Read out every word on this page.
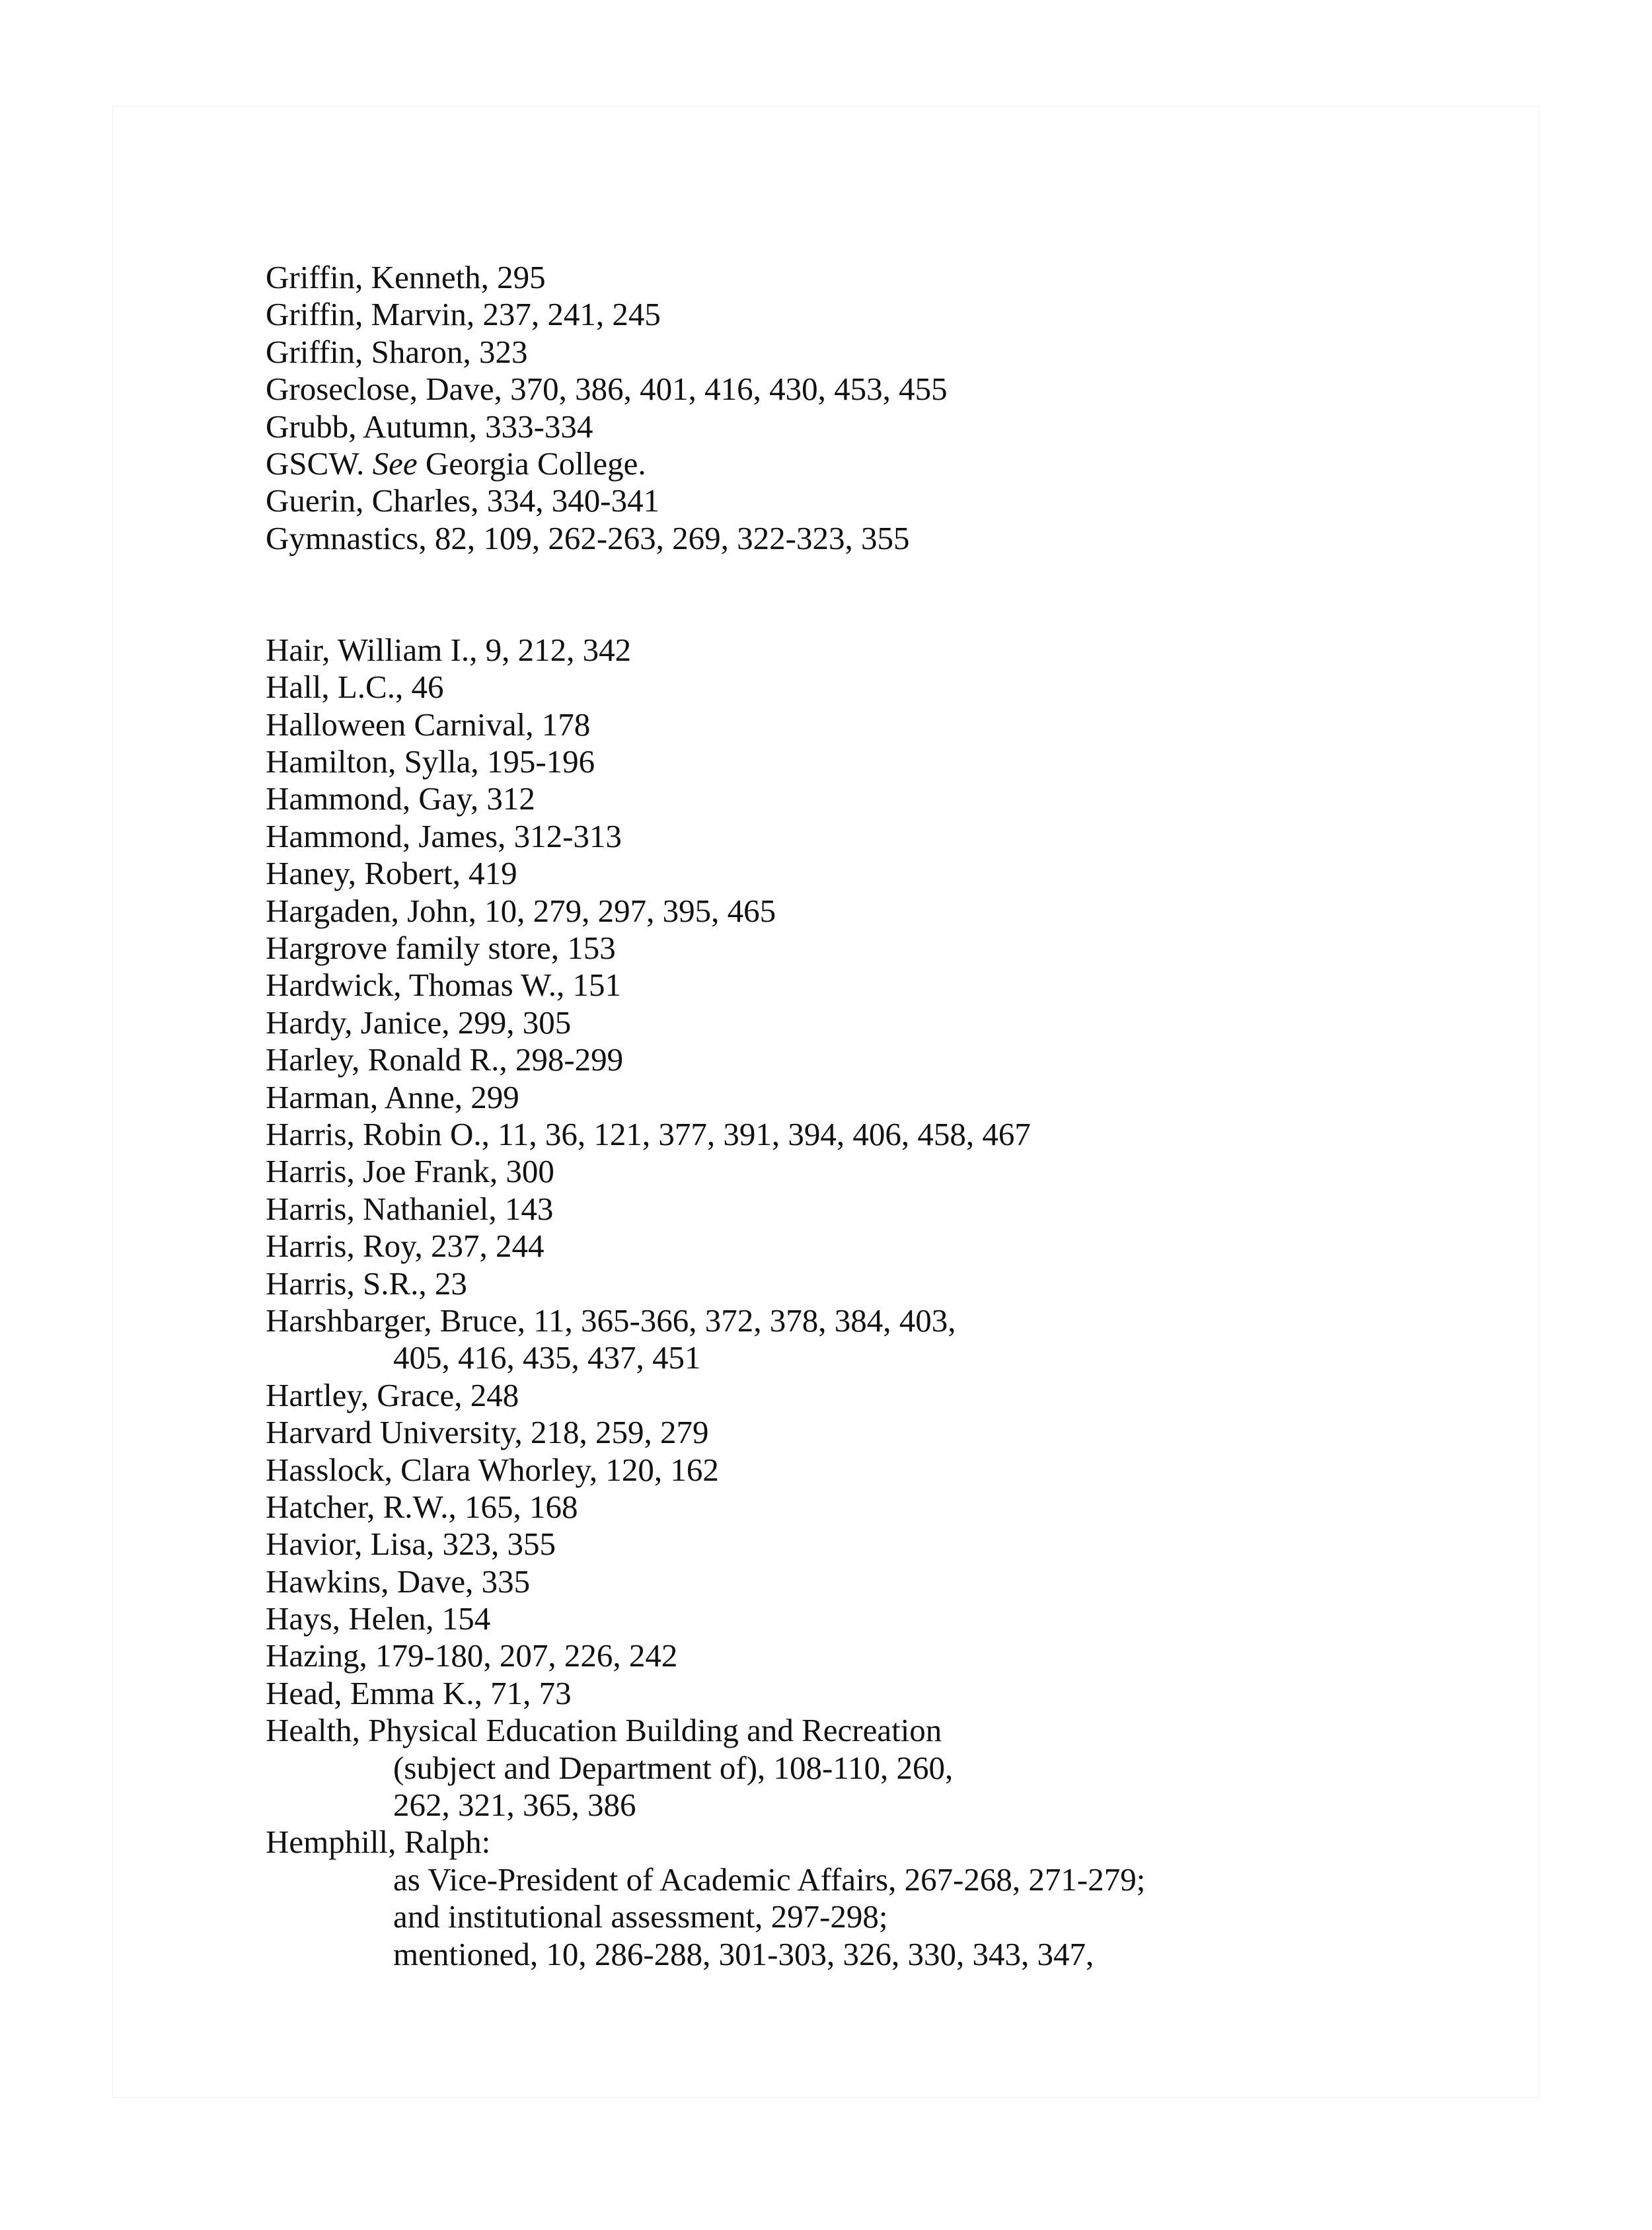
Griffin, Kenneth, 295
Griffin, Marvin, 237, 241, 245
Griffin, Sharon, 323
Groseclose, Dave, 370, 386, 401, 416, 430, 453, 455
Grubb, Autumn, 333-334
GSCW. See Georgia College.
Guerin, Charles, 334, 340-341
Gymnastics, 82, 109, 262-263, 269, 322-323, 355
Hair, William I., 9, 212, 342
Hall, L.C., 46
Halloween Carnival, 178
Hamilton, Sylla, 195-196
Hammond, Gay, 312
Hammond, James, 312-313
Haney, Robert, 419
Hargaden, John, 10, 279, 297, 395, 465
Hargrove family store, 153
Hardwick, Thomas W., 151
Hardy, Janice, 299, 305
Harley, Ronald R., 298-299
Harman, Anne, 299
Harris, Robin O., 11, 36, 121, 377, 391, 394, 406, 458, 467
Harris, Joe Frank, 300
Harris, Nathaniel, 143
Harris, Roy, 237, 244
Harris, S.R., 23
Harshbarger, Bruce, 11, 365-366, 372, 378, 384, 403,
405, 416, 435, 437, 451
Hartley, Grace, 248
Harvard University, 218, 259, 279
Hasslock, Clara Whorley, 120, 162
Hatcher, R.W., 165, 168
Havior, Lisa, 323, 355
Hawkins, Dave, 335
Hays, Helen, 154
Hazing, 179-180, 207, 226, 242
Head, Emma K., 71, 73
Health, Physical Education Building and Recreation
(subject and Department of), 108-110, 260,
262, 321, 365, 386
Hemphill, Ralph:
as Vice-President of Academic Affairs, 267-268, 271-279;
and institutional assessment, 297-298;
mentioned, 10, 286-288, 301-303, 326, 330, 343, 347,
